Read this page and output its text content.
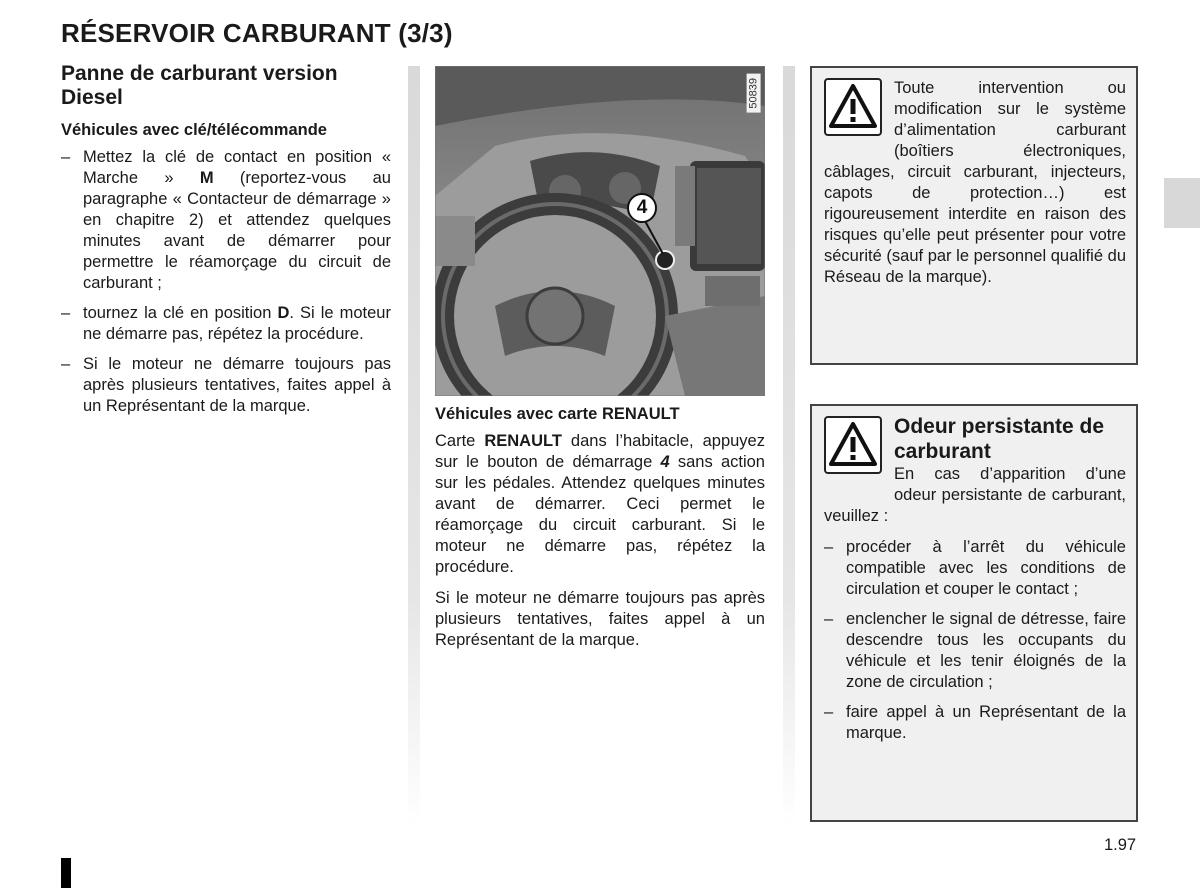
RÉSERVOIR CARBURANT (3/3)
Panne de carburant version Diesel
Véhicules avec clé/télécommande
– Mettez la clé de contact en position « Marche » M (reportez-vous au paragraphe « Contacteur de démarrage » en chapitre 2) et attendez quelques minutes avant de démarrer pour permettre le réamorçage du circuit de carburant ;
– tournez la clé en position D. Si le moteur ne démarre pas, répétez la procédure.
– Si le moteur ne démarre toujours pas après plusieurs tentatives, faites appel à un Représentant de la marque.
50839
4
Véhicules avec carte RENAULT
Carte RENAULT dans l’habitacle, appuyez sur le bouton de démarrage 4 sans action sur les pédales. Attendez quelques minutes avant de démarrer. Ceci permet le réamorçage du circuit carburant. Si le moteur ne démarre pas, répétez la procédure.
Si le moteur ne démarre toujours pas après plusieurs tentatives, faites appel à un Représentant de la marque.
Toute intervention ou modification sur le système d’alimentation carburant (boîtiers électroniques, câblages, circuit carburant, injecteurs, capots de protection…) est rigoureusement interdite en raison des risques qu’elle peut présenter pour votre sécurité (sauf par le personnel qualifié du Réseau de la marque).
Odeur persistante de carburant
En cas d’apparition d’une odeur persistante de carburant, veuillez :
– procéder à l’arrêt du véhicule compatible avec les conditions de circulation et couper le contact ;
– enclencher le signal de détresse, faire descendre tous les occupants du véhicule et les tenir éloignés de la zone de circulation ;
– faire appel à un Représentant de la marque.
1.97
